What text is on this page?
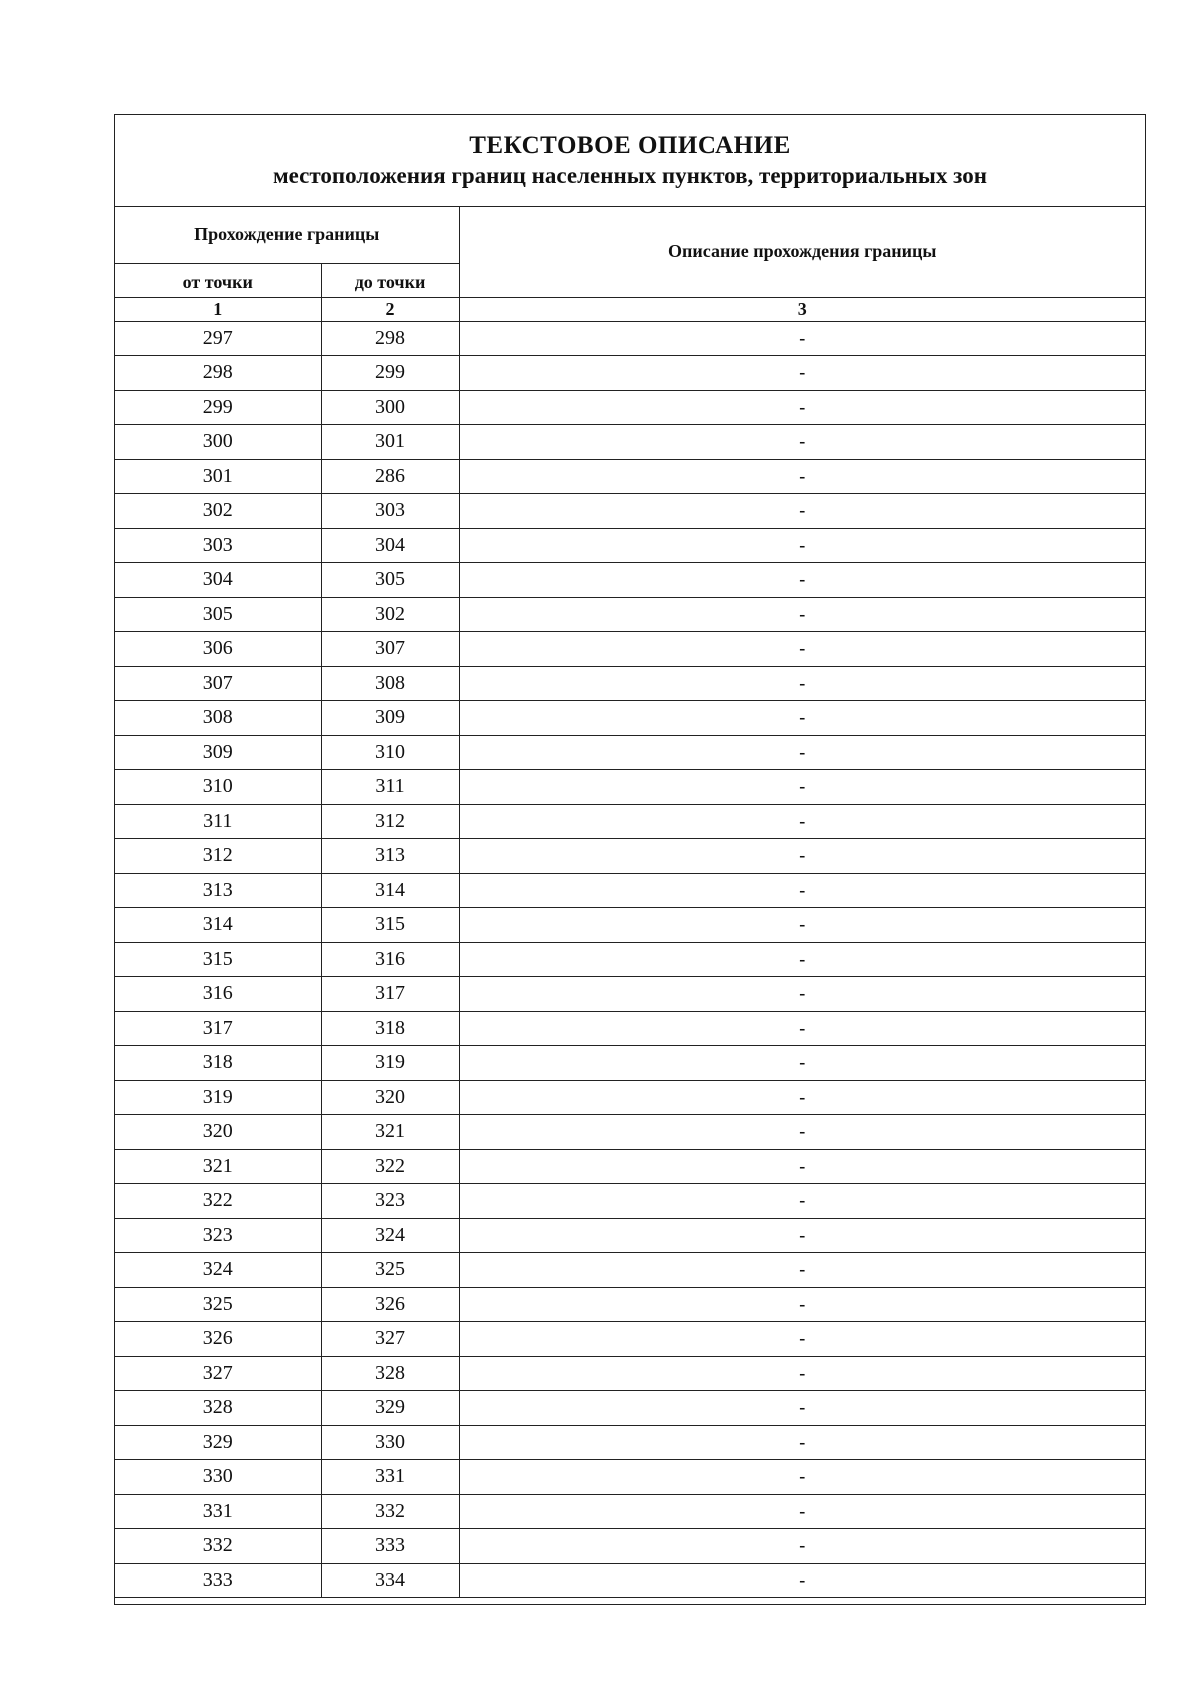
ТЕКСТОВОЕ ОПИСАНИЕ
местоположения границ населенных пунктов, территориальных зон
Прохождение границы		Описание прохождения границы
от точки	до точки	
1	2	3
297	298	-
298	299	-
299	300	-
300	301	-
301	286	-
302	303	-
303	304	-
304	305	-
305	302	-
306	307	-
307	308	-
308	309	-
309	310	-
310	311	-
311	312	-
312	313	-
313	314	-
314	315	-
315	316	-
316	317	-
317	318	-
318	319	-
319	320	-
320	321	-
321	322	-
322	323	-
323	324	-
324	325	-
325	326	-
326	327	-
327	328	-
328	329	-
329	330	-
330	331	-
331	332	-
332	333	-
333	334	-
